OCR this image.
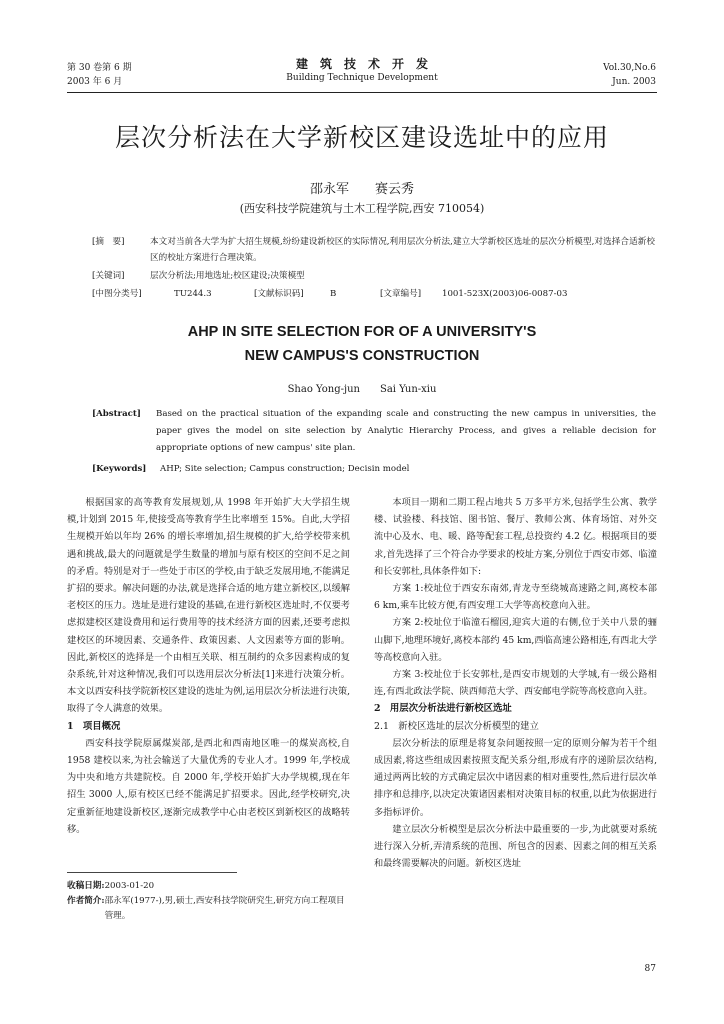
第 30 卷第 6 期
2003 年 6 月
建　筑　技　术　开　发
Building Technique Development
Vol.30,No.6
Jun. 2003
层次分析法在大学新校区建设选址中的应用
邵永军　　赛云秀
(西安科技学院建筑与土木工程学院,西安 710054)
[摘　要]	本文对当前各大学为扩大招生规模,纷纷建设新校区的实际情况,利用层次分析法,建立大学新校区选址的层次分析模型,对选择合适新校区的校址方案进行合理决策。
[关键词]	层次分析法;用地选址;校区建设;决策模型
[中图分类号]	TU244.3	[文献标识码]	B	[文章编号] 1001-523X(2003)06-0087-03
AHP IN SITE SELECTION FOR OF A UNIVERSITY'S
NEW CAMPUS'S CONSTRUCTION
Shao Yong-jun　　Sai Yun-xiu
[Abstract] Based on the practical situation of the expanding scale and constructing the new campus in universities, the paper gives the model on site selection by Analytic Hierarchy Process, and gives a reliable decision for appropriate options of new campus' site plan.
[Keywords] AHP; Site selection; Campus construction; Decisin model
根据国家的高等教育发展规划,从 1998 年开始扩大大学招生规模,计划到 2015 年,使接受高等教育学生比率增至 15%。自此,大学招生规模开始以年均 26% 的增长率增加,招生规模的扩大,给学校带来机遇和挑战,最大的问题就是学生数量的增加与原有校区的空间不足之间的矛盾。特别是对于一些处于市区的学校,由于缺乏发展用地,不能满足扩招的要求。解决问题的办法,就是选择合适的地方建立新校区,以缓解老校区的压力。选址是进行建设的基础,在进行新校区选址时,不仅要考虑拟建校区建设费用和运行费用等的技术经济方面的因素,还要考虑拟建校区的环境因素、交通条件、政策因素、人文因素等方面的影响。因此,新校区的选择是一个由相互关联、相互制约的众多因素构成的复杂系统,针对这种情况,我们可以选用层次分析法[1]来进行决策分析。本文以西安科技学院新校区建设的选址为例,运用层次分析法进行决策,取得了令人满意的效果。
1　项目概况
西安科技学院原属煤炭部,是西北和西南地区唯一的煤炭高校,自 1958 建校以来,为社会输送了大量优秀的专业人才。1999 年,学校成为中央和地方共建院校。自 2000 年,学校开始扩大办学规模,现在年招生 3000 人,原有校区已经不能满足扩招要求。因此,经学校研究,决定重新征地建设新校区,逐渐完成教学中心由老校区到新校区的战略转移。
收稿日期:2003-01-20
作者简介: 邵永军(1977-),男,硕士,西安科技学院研究生,研究方向工程项目管理。
本项目一期和二期工程占地共 5 万多平方米,包括学生公寓、教学楼、试验楼、科技馆、图书馆、餐厅、教师公寓、体育场馆、对外交流中心及水、电、暖、路等配套工程,总投资约 4.2 亿。根据项目的要求,首先选择了三个符合办学要求的校址方案,分别位于西安市郊、临潼和长安郭杜,具体条件如下:
方案 1:校址位于西安东南郊,青龙寺至绕城高速路之间,离校本部 6 km,乘车比较方便,有西安理工大学等高校意向入驻。
方案 2:校址位于临潼石榴园,迎宾大道的右侧,位于关中八景的骊山脚下,地理环境好,离校本部约 45 km,西临高速公路相连,有西北大学等高校意向入驻。
方案 3:校址位于长安郭杜,是西安市规划的大学城,有一级公路相连,有西北政法学院、陕西师范大学、西安邮电学院等高校意向入驻。
2　用层次分析法进行新校区选址
2.1　新校区选址的层次分析模型的建立
层次分析法的原理是将复杂问题按照一定的原则分解为若干个组成因素,将这些组成因素按照支配关系分组,形成有序的递阶层次结构,通过两两比较的方式确定层次中诸因素的相对重要性,然后进行层次单排序和总排序,以决定决策诸因素相对决策目标的权重,以此为依据进行多指标评价。
建立层次分析模型是层次分析法中最重要的一步,为此就要对系统进行深入分析,弄清系统的范围、所包含的因素、因素之间的相互关系和最终需要解决的问题。新校区选址
87
